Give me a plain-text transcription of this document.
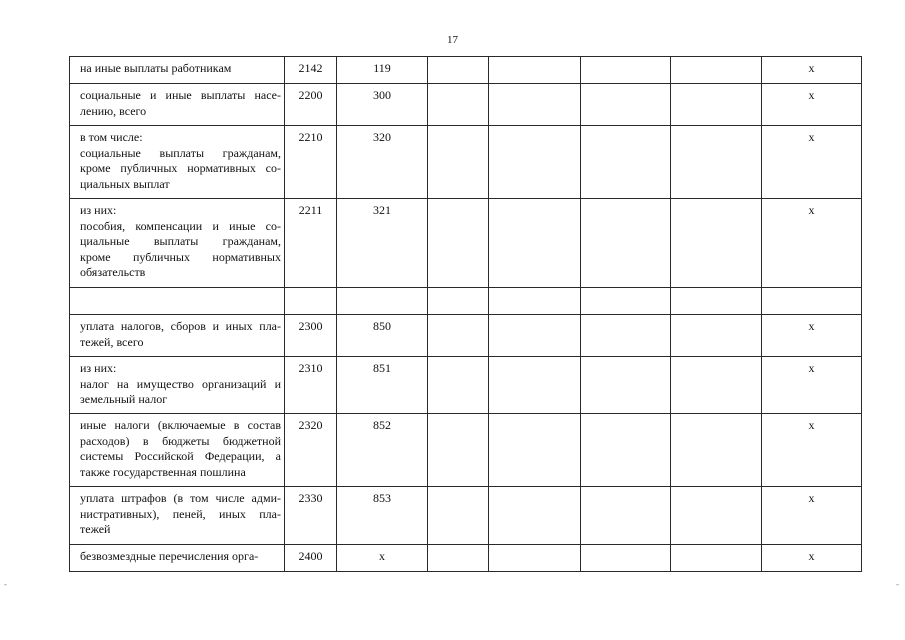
17
-	-
на иные выплаты работникам	2142	119					х

социальные и иные выплаты насе-
лению, всего	2200	300					х

в том числе:
социальные выплаты гражданам,
кроме публичных нормативных со-
циальных выплат	2210	320					х

из них:
пособия, компенсации и иные со-
циальные выплаты гражданам,
кроме публичных нормативных
обязательств	2211	321					х

уплата налогов, сборов и иных пла-
тежей, всего	2300	850					х

из них:
налог на имущество организаций и
земельный налог	2310	851					х

иные налоги (включаемые в состав
расходов) в бюджеты бюджетной
системы Российской Федерации, а
также государственная пошлина	2320	852					х

уплата штрафов (в том числе адми-
нистративных), пеней, иных пла-
тежей	2330	853					х

безвозмездные перечисления орга-	2400	х					х
